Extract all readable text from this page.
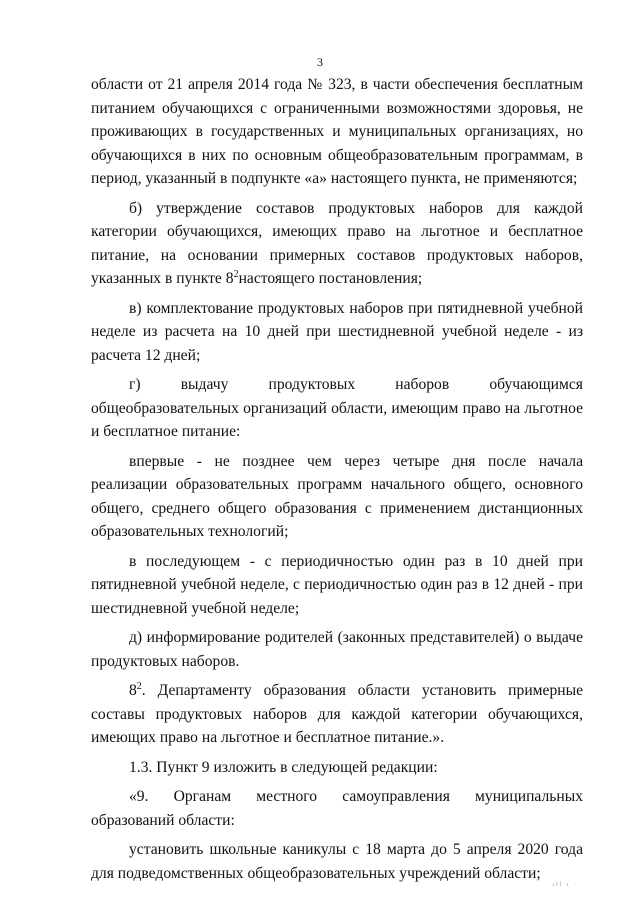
3

области от 21 апреля 2014 года № 323, в части обеспечения бесплатным питанием обучающихся с ограниченными возможностями здоровья, не проживающих в государственных и муниципальных организациях, но обучающихся в них по основным общеобразовательным программам, в период, указанный в подпункте «а» настоящего пункта, не применяются;

б) утверждение составов продуктовых наборов для каждой категории обучающихся, имеющих право на льготное и бесплатное питание, на основании примерных составов продуктовых наборов, указанных в пункте $8^2настоящего$ постановления;

в) комплектование продуктовых наборов при пятидневной учебной неделе из расчета на 10 дней при шестидневной учебной неделе - из расчета 12 дней;

г) выдачу продуктовых наборов обучающимся общеобразовательных организаций области, имеющим право на льготное и бесплатное питание:

впервые - не позднее чем через четыре дня после начала реализации образовательных программ начального общего, основного общего, среднего общего образования с применением дистанционных образовательных технологий;

в последующем - с периодичностью один раз в 10 дней при пятидневной учебной неделе, с периодичностью один раз в 12 дней - при шестидневной учебной неделе;

д) информирование родителей (законных представителей) о выдаче продуктовых наборов.

$8^2$. Департаменту образования области установить примерные составы продуктовых наборов для каждой категории обучающихся, имеющих право на льготное и бесплатное питание.».

1.3. Пункт 9 изложить в следующей редакции:

«9. Органам местного самоуправления муниципальных образований области:

установить школьные каникулы с 18 марта до 5 апреля 2020 года для подведомственных общеобразовательных учреждений области;

ıll ı ·
